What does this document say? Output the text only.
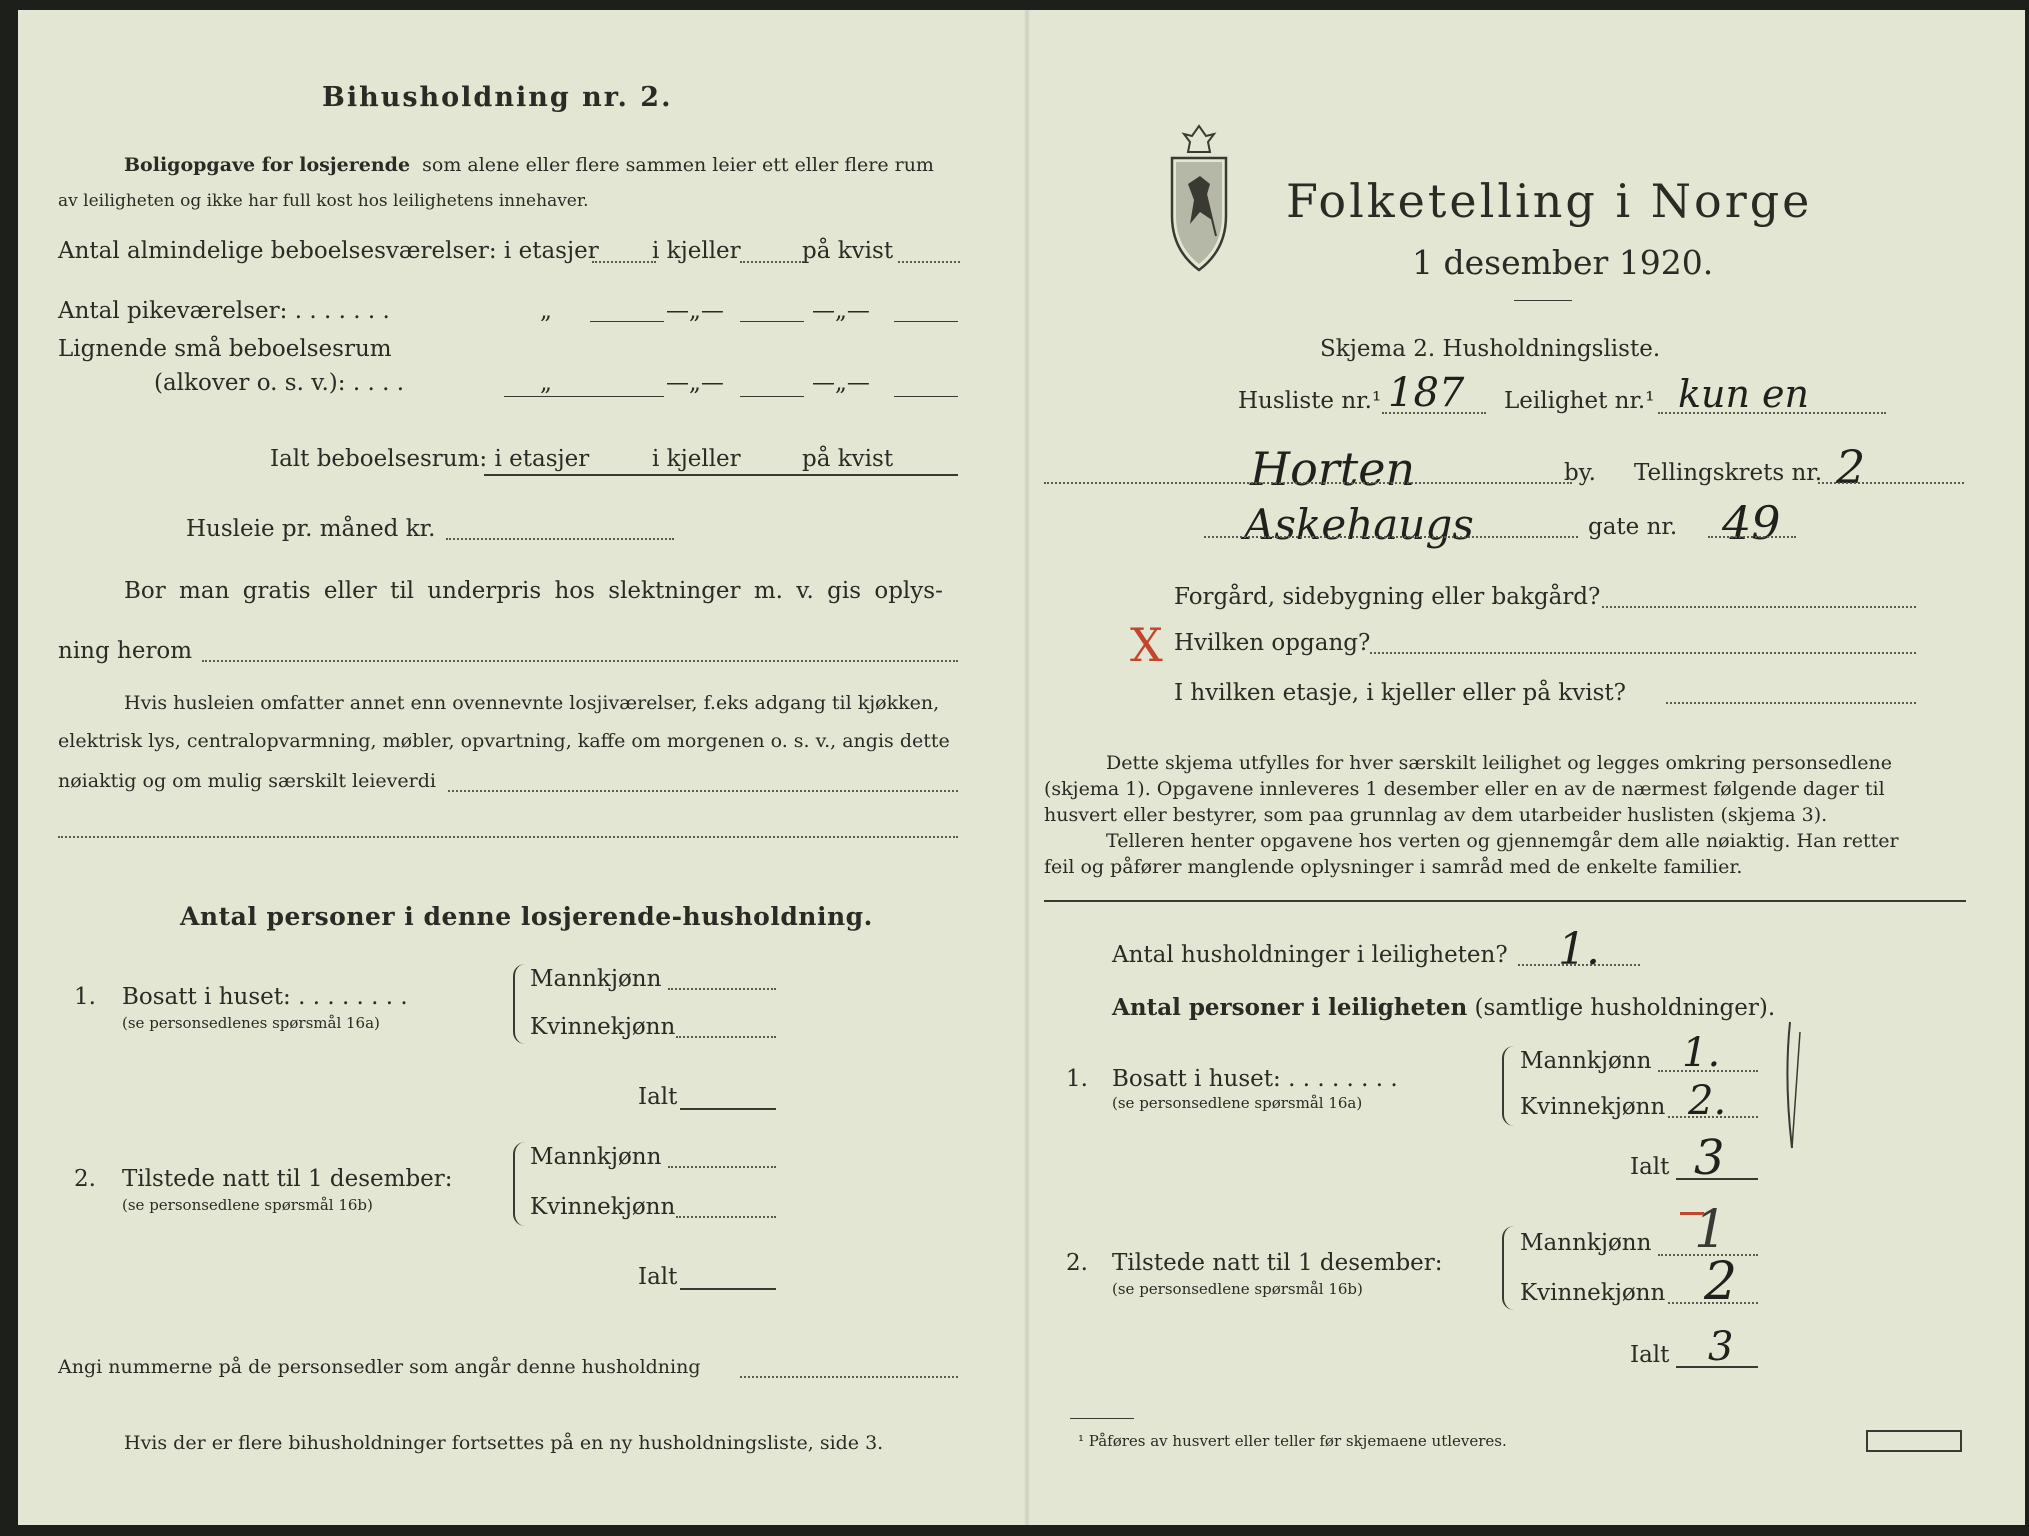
Bihusholdning nr. 2.
Boligopgave for losjerende som alene eller flere sammen leier ett eller flere rum
av leiligheten og ikke har full kost hos leilighetens innehaver.
Antal almindelige beboelsesværelser: i etasjer i kjeller	på kvist
Antal pikeværelser: . . . . . . .	„	—„—	—„—
Lignende små beboelsesrum
(alkover o. s. v.): . . . .	„	—„—	—„—
Ialt beboelsesrum: i etasjer	i kjeller	på kvist
Husleie pr. måned kr.
Bor man gratis eller til underpris hos slektninger m. v. gis oplys-
ning herom
Hvis husleien omfatter annet enn ovennevnte losjiværelser, f.eks adgang til kjøkken,
elektrisk lys, centralopvarmning, møbler, opvartning, kaffe om morgenen o. s. v., angis dette
nøiaktig og om mulig særskilt leieverdi
Antal personer i denne losjerende-husholdning.
1. Bosatt i huset: . . . . . . . .
(se personsedlenes spørsmål 16a)
Mannkjønn
Kvinnekjønn
Ialt
2. Tilstede natt til 1 desember:
(se personsedlene spørsmål 16b)
Mannkjønn
Kvinnekjønn
Ialt
Angi nummerne på de personsedler som angår denne husholdning
Hvis der er flere bihusholdninger fortsettes på en ny husholdningsliste, side 3.
Folketelling i Norge
1 desember 1920.
Skjema 2. Husholdningsliste.
Husliste nr.¹ 187 Leilighet nr.¹ kun en
Horten	by. Tellingskrets nr. 2
Askehaugs	gate nr. 49
Forgård, sidebygning eller bakgård?
X Hvilken opgang?
I hvilken etasje, i kjeller eller på kvist?
Dette skjema utfylles for hver særskilt leilighet og legges omkring personsedlene
(skjema 1). Opgavene innleveres 1 desember eller en av de nærmest følgende dager til
husvert eller bestyrer, som paa grunnlag av dem utarbeider huslisten (skjema 3).
Telleren henter opgavene hos verten og gjennemgår dem alle nøiaktig. Han retter
feil og påfører manglende oplysninger i samråd med de enkelte familier.
Antal husholdninger i leiligheten? 1.
Antal personer i leiligheten (samtlige husholdninger).
1. Bosatt i huset: . . . . . . . .
(se personsedlene spørsmål 16a)
Mannkjønn 1.
Kvinnekjønn 2.
Ialt 3
2. Tilstede natt til 1 desember:
(se personsedlene spørsmål 16b)
Mannkjønn 1
Kvinnekjønn 2
Ialt 3
¹ Påføres av husvert eller teller før skjemaene utleveres.
